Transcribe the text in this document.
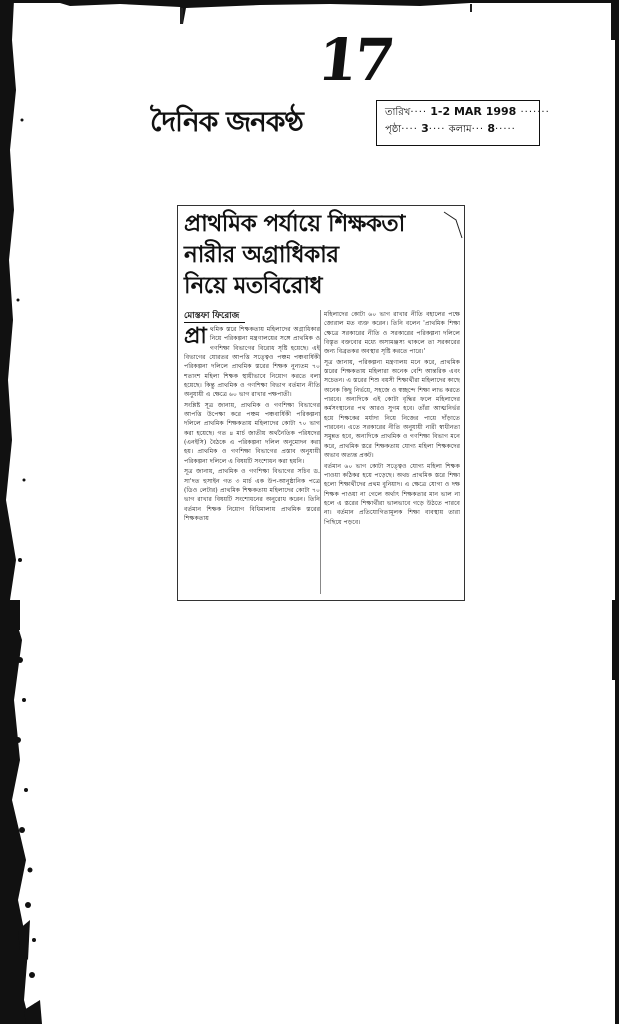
17
দৈনিক জনকণ্ঠ	তারিখ···· 1-2 MAR 1998 ·······
পৃষ্ঠা···· 3···· কলাম··· 8·····
প্রাথমিক পর্যায়ে শিক্ষকতা
নারীর অগ্রাধিকার
নিয়ে মতবিরোধ
মোস্তফা ফিরোজ

প্রা থমিক স্তরে শিক্ষকতায় মহিলাদের অগ্রাধিকার নিয়ে পরিকল্পনা মন্ত্রণালয়ের সঙ্গে প্রাথমিক ও গণশিক্ষা বিভাগের বিরোধ সৃষ্টি হয়েছে। এই বিভাগের যোরতর আপত্তি সত্ত্বেও পঞ্চম পঞ্চবার্ষিকী পরিকল্পনা দলিলে প্রাথমিক স্তরের শিক্ষক নুন্যতম ৭০ শতাংশ মহিলা শিক্ষক স্থায়ীভাবে নিয়োগ করতে বলা হয়েছে। কিন্তু প্রাথমিক ও গণশিক্ষা বিভাগ বর্তমান নীতি অনুযায়ী এ ক্ষেত্রে ৬০ ভাগ রাখার পক্ষপাতী।

সংশ্লিষ্ট সূত্র জানায়, প্রাথমিক ও গণশিক্ষা বিভাগের আপত্তি উপেক্ষা করে পঞ্চম পঞ্চবার্ষিকী পরিকল্পনা দলিলে প্রাথমিক শিক্ষকতায় মহিলাদের কোটা ৭০ ভাগ করা হয়েছে। গত ৪ মার্চ জাতীয় অর্থনৈতিক পরিষদের (এনইসি) বৈঠকে এ পরিকল্পনা দলিল অনুমোদন করা হয়। প্রাথমিক ও গণশিক্ষা বিভাগের প্রস্তাব অনুযায়ী পরিকল্পনা দলিলে এ বিষয়টি সংশোধন করা হয়নি।

সূত্র জানায়, প্রাথমিক ও গণশিক্ষা বিভাগের সচিব ড. সা'দত হুসাইন গত ৩ মার্চ এক উপ-আনুষ্ঠানিক পত্রে (ডিও লেটার) প্রাথমিক শিক্ষকতায় মহিলাদের কোটা ৭০ ভাগ রাখার বিষয়টি সংশোধনের অনুরোধ করেন। তিনি বর্তমান শিক্ষক নিয়োগ বিধিমালায় প্রাথমিক স্তরের শিক্ষকতায়

মহিলাদের কোটা ৬০ ভাগ রাখার নীতি বহালের পক্ষে জোরাল মত ব্যক্ত করেন। তিনি বলেন 'প্রাথমিক শিক্ষা ক্ষেত্রে সরকারের নীতি ও সরকারের পরিকল্পনা দলিলে বিস্তৃত বক্তব্যের মধ্যে অসামঞ্জস্য থাকলে তা সরকারের জন্য বিব্রতকর অবস্থার সৃষ্টি করতে পারে।'

সূত্র জানায়, পরিকল্পনা মন্ত্রণালয় মনে করে, প্রাথমিক স্তরের শিক্ষকতায় মহিলারা অনেক বেশি আন্তরিক এবং সচেতন। এ স্তরের শিশু বয়সী শিক্ষার্থীরা মহিলাদের কাছে অনেক কিছু নির্ভয়ে, সহজে ও স্বচ্ছন্দে শিক্ষা লাভ করতে পারবে। অন্যদিকে এই কোটা বৃদ্ধির ফলে মহিলাদের কর্মসংস্থানের পথ আরও সুগম হবে। তাঁরা আত্মনির্ভর হয়ে শিক্ষকের মর্যাদা নিয়ে নিজের পায়ে দাঁড়াতে পারবেন। এতে সরকারের নীতি অনুযায়ী নারী স্বাধীনতা সমুন্নত হবে, অন্যদিকে প্রাথমিক ও গণশিক্ষা বিভাগ মনে করে, প্রাথমিক স্তরে শিক্ষকতায় যোগ্য মহিলা শিক্ষকদের অভাব অত্যন্ত প্রকট।

বর্তমান ৬০ ভাগ কোটা সত্ত্বেও যোগ্য মহিলা শিক্ষক পাওয়া কঠিকর হয়ে পড়েছে। অথচ প্রাথমিক স্তরে শিক্ষা হলো শিক্ষার্থীদের প্রথম বুনিয়াদ। এ ক্ষেত্রে যোগ্য ও দক্ষ শিক্ষক পাওয়া না গেলে অর্থাৎ শিক্ষকতার মান ভাল না হলে এ স্তরের শিক্ষার্থীরা ভালভাবে গড়ে উঠতে পারবে না। বর্তমান প্রতিযোগিতামূলক শিক্ষা ব্যবস্থায় তারা পিছিয়ে পড়বে।
